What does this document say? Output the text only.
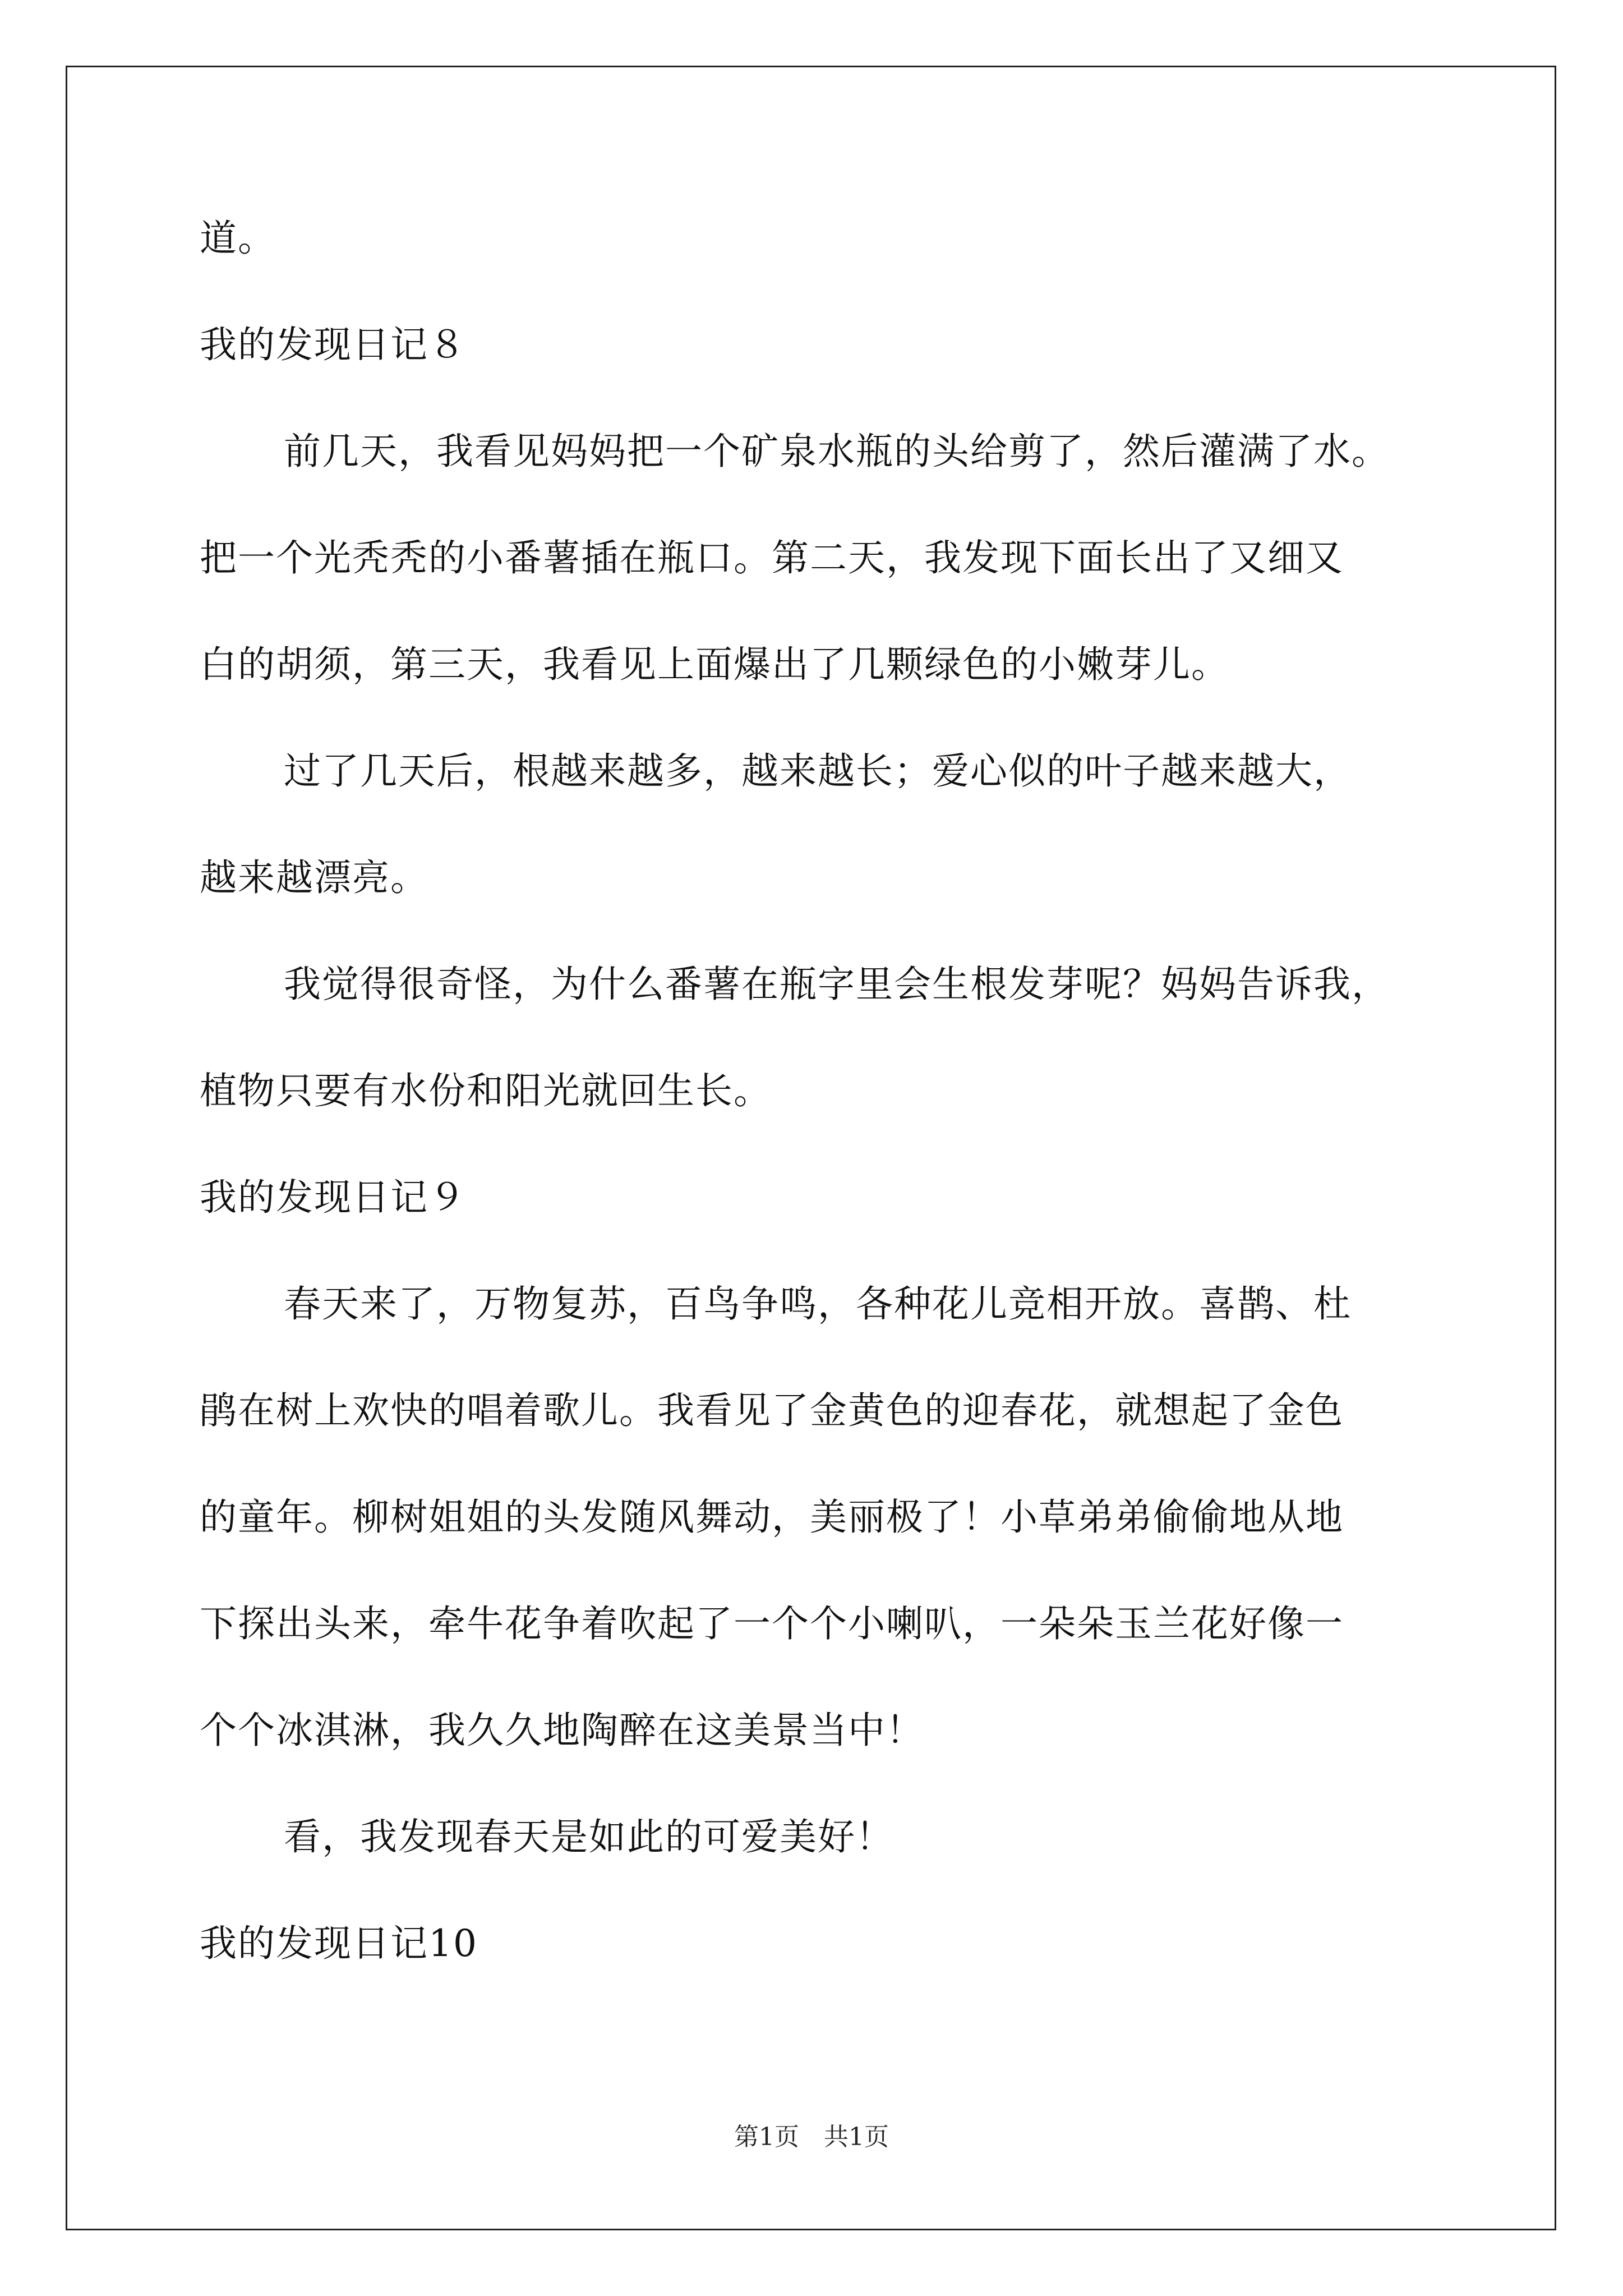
道。
我的发现日记８
前几天，我看见妈妈把一个矿泉水瓶的头给剪了，然后灌满了水。
把一个光秃秃的小番薯插在瓶口。第二天，我发现下面长出了又细又
白的胡须，第三天，我看见上面爆出了几颗绿色的小嫩芽儿。
过了几天后，根越来越多，越来越长；爱心似的叶子越来越大，
越来越漂亮。
我觉得很奇怪，为什么番薯在瓶字里会生根发芽呢？妈妈告诉我，
植物只要有水份和阳光就回生长。
我的发现日记９
春天来了，万物复苏，百鸟争鸣，各种花儿竞相开放。喜鹊、杜
鹃在树上欢快的唱着歌儿。我看见了金黄色的迎春花，就想起了金色
的童年。柳树姐姐的头发随风舞动，美丽极了！小草弟弟偷偷地从地
下探出头来，牵牛花争着吹起了一个个小喇叭，一朵朵玉兰花好像一
个个冰淇淋，我久久地陶醉在这美景当中！
看，我发现春天是如此的可爱美好！
我的发现日记10
第1页　共1页
